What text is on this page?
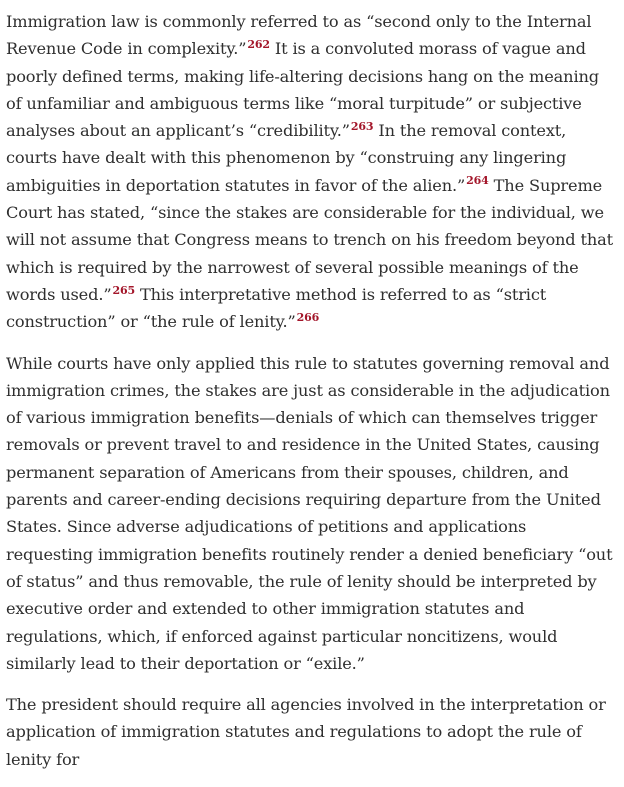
Immigration law is commonly referred to as “second only to the Internal Revenue Code in complexity.”$^{262}$ It is a convoluted morass of vague and poorly defined terms, making life-altering decisions hang on the meaning of unfamiliar and ambiguous terms like “moral turpitude” or subjective analyses about an applicant’s “credibility.”$^{263}$ In the removal context, courts have dealt with this phenomenon by “construing any lingering ambiguities in deportation statutes in favor of the alien.”$^{264}$ The Supreme Court has stated, “since the stakes are considerable for the individual, we will not assume that Congress means to trench on his freedom beyond that which is required by the narrowest of several possible meanings of the words used.”$^{265}$ This interpretative method is referred to as “strict construction” or “the rule of lenity.”$^{266}$

While courts have only applied this rule to statutes governing removal and immigration crimes, the stakes are just as considerable in the adjudication of various immigration benefits—denials of which can themselves trigger removals or prevent travel to and residence in the United States, causing permanent separation of Americans from their spouses, children, and parents and career-ending decisions requiring departure from the United States. Since adverse adjudications of petitions and applications requesting immigration benefits routinely render a denied beneficiary “out of status” and thus removable, the rule of lenity should be interpreted by executive order and extended to other immigration statutes and regulations, which, if enforced against particular noncitizens, would similarly lead to their deportation or “exile.”

The president should require all agencies involved in the interpretation or application of immigration statutes and regulations to adopt the rule of lenity for
